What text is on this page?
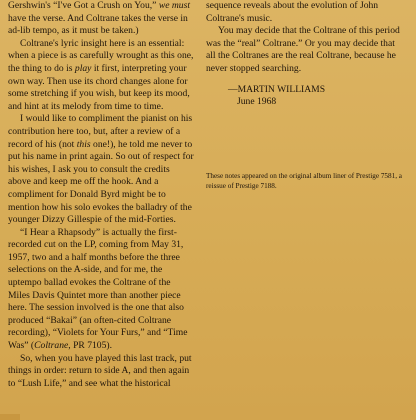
Gershwin's “I've Got a Crush on You,” we must have the verse. And Coltrane takes the verse in ad-lib tempo, as it must be taken.)

Coltrane's lyric insight here is an essential: when a piece is as carefully wrought as this one, the thing to do is play it first, interpreting your own way. Then use its chord changes alone for some stretching if you wish, but keep its mood, and hint at its melody from time to time.

I would like to compliment the pianist on his contribution here too, but, after a review of a record of his (not this one!), he told me never to put his name in print again. So out of respect for his wishes, I ask you to consult the credits above and keep me off the hook. And a compliment for Donald Byrd might be to mention how his solo evokes the balladry of the younger Dizzy Gillespie of the mid-Forties.

“I Hear a Rhapsody” is actually the first-recorded cut on the LP, coming from May 31, 1957, two and a half months before the three selections on the A-side, and for me, the uptempo ballad evokes the Coltrane of the Miles Davis Quintet more than another piece here. The session involved is the one that also produced “Bakai” (an often-cited Coltrane recording), “Violets for Your Furs,” and “Time Was” (Coltrane, PR 7105).

So, when you have played this last track, put things in order: return to side A, and then again to “Lush Life,” and see what the historical

sequence reveals about the evolution of John Coltrane's music.

You may decide that the Coltrane of this period was the “real” Coltrane.” Or you may decide that all the Coltranes are the real Coltrane, because he never stopped searching.

—MARTIN WILLIAMS
June 1968
These notes appeared on the original album liner of Prestige 7581, a reissue of Prestige 7188.
